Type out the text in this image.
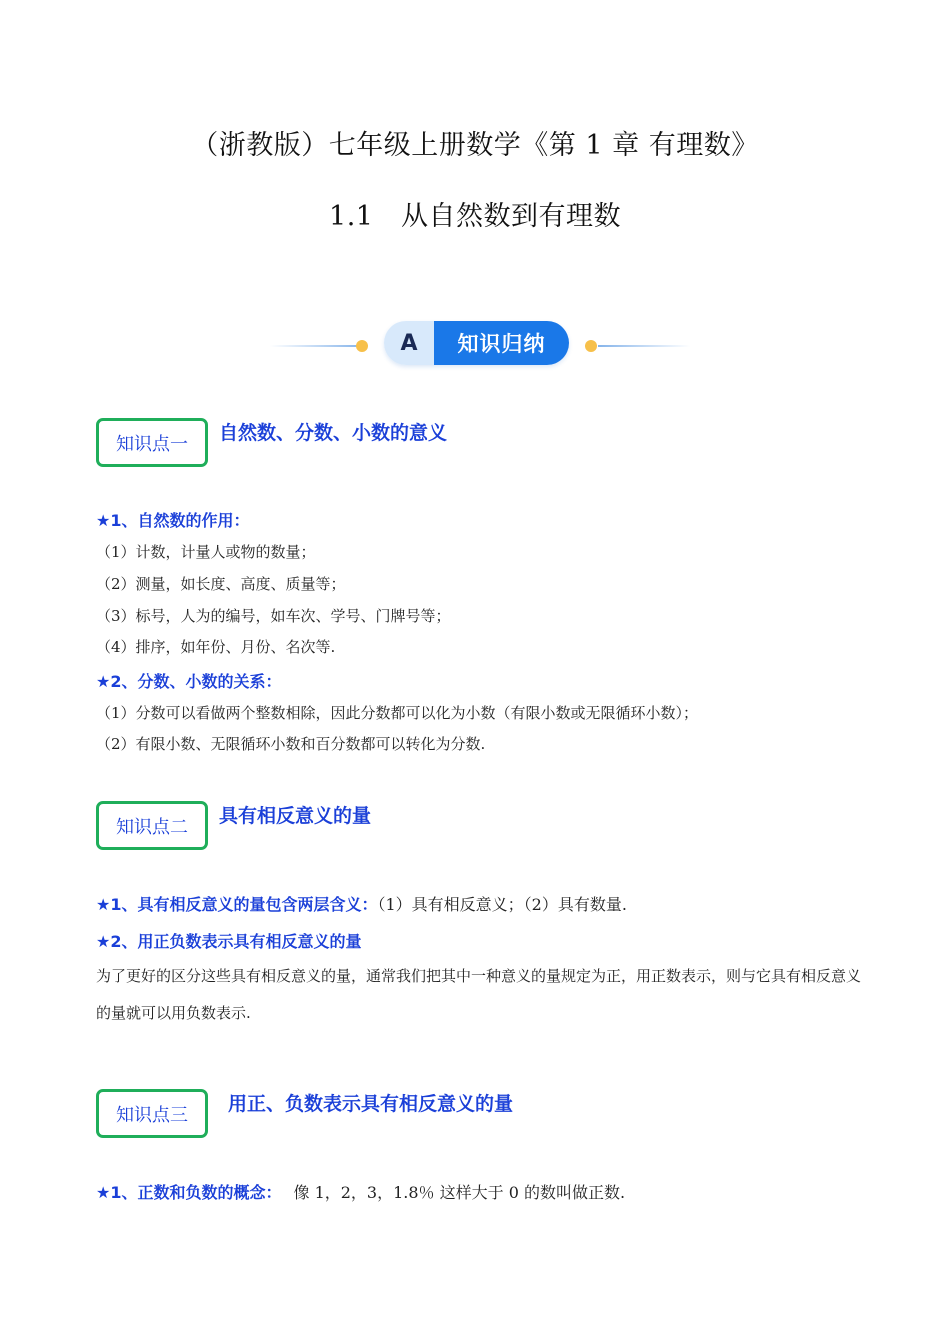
（浙教版）七年级上册数学《第 1 章 有理数》
1.1　从自然数到有理数
A	知识归纳
知识点一	自然数、分数、小数的意义
★1、自然数的作用：
（1）计数，计量人或物的数量；
（2）测量，如长度、高度、质量等；
（3）标号，人为的编号，如车次、学号、门牌号等；
（4）排序，如年份、月份、名次等.
★2、分数、小数的关系：
（1）分数可以看做两个整数相除，因此分数都可以化为小数（有限小数或无限循环小数）；
（2）有限小数、无限循环小数和百分数都可以转化为分数.
知识点二	具有相反意义的量
★1、具有相反意义的量包含两层含义：（1）具有相反意义；（2）具有数量.
★2、用正负数表示具有相反意义的量
为了更好的区分这些具有相反意义的量，通常我们把其中一种意义的量规定为正，用正数表示，则与它具有相反意义的量就可以用负数表示.
知识点三	用正、负数表示具有相反意义的量
★1、正数和负数的概念： 像 1，2，3，1.8％ 这样大于 0 的数叫做正数.
